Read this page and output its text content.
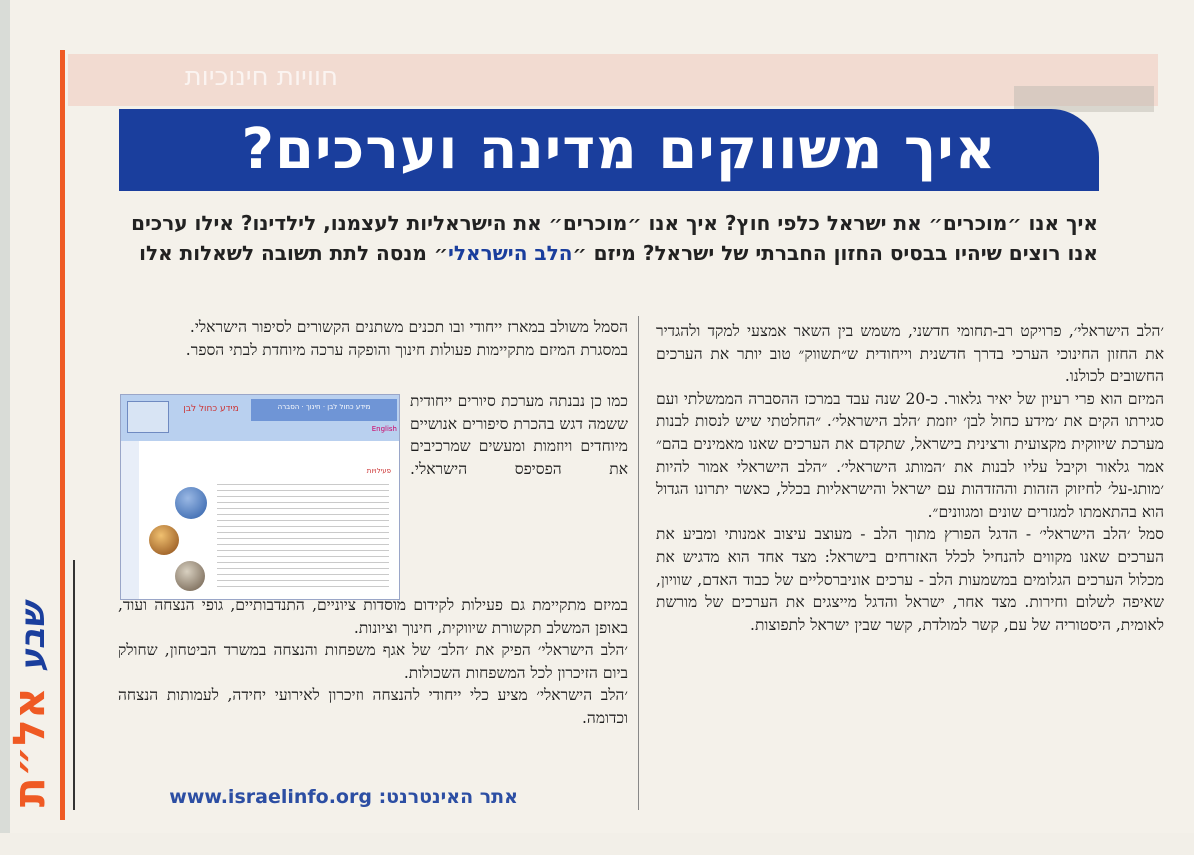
חוויות חינוכיות
איך משווקים מדינה וערכים?
איך אנו ״מוכרים״ את ישראל כלפי חוץ? איך אנו ״מוכרים״ את הישראליות לעצמנו, לילדינו? אילו ערכים אנו רוצים שיהיו בבסיס החזון החברתי של ישראל? מיזם ״הלב הישראלי״ מנסה לתת תשובה לשאלות אלו

׳הלב הישראלי׳, פרויקט רב-תחומי חדשני, משמש בין השאר אמצעי למקד ולהגדיר את החזון החינוכי הערכי בדרך חדשנית וייחודית ש״תשווק״ טוב יותר את הערכים החשובים לכולנו.

המיזם הוא פרי רעיון של יאיר גלאור. כ-20 שנה עבד במרכז ההסברה הממשלתי ועם סגירתו הקים את ׳מידע כחול לבן׳ יוזמת ׳הלב הישראלי׳. ״החלטתי שיש לנסות לבנות מערכת שיווקית מקצועית ורצינית בישראל, שתקדם את הערכים שאנו מאמינים בהם״ אמר גלאור וקיבל עליו לבנות את ׳המותג הישראלי׳. ״הלב הישראלי אמור להיות ׳מותג-על׳ לחיזוק הזהות וההזדהות עם ישראל והישראליות בכלל, כאשר יתרונו הגדול הוא בהתאמתו למגזרים שונים ומגוונים״.

סמל ׳הלב הישראלי׳ - הדגל הפורץ מתוך הלב - מעוצב עיצוב אמנותי ומביע את הערכים שאנו מקווים להנחיל לכלל האזרחים בישראל: מצד אחד הוא מדגיש את מכלול הערכים הגלומים במשמעות הלב - ערכים אוניברסליים של כבוד האדם, שוויון, שאיפה לשלום וחירות. מצד אחר, ישראל והדגל מייצגים את הערכים של מורשת לאומית, היסטוריה של עם, קשר למולדת, קשר שבין ישראל לתפוצות.

הסמל משולב במארז ייחודי ובו תכנים משתנים הקשורים לסיפור הישראלי.

במסגרת המיזם מתקיימות פעולות חינוך והופקה ערכה מיוחדת לבתי הספר.

מידע כחול לבן	מידע כחול לבן · חינוך · הסברה
English
פעילויות

כמו כן נבנתה מערכת סיורים ייחודית ששמה דגש בהכרת סיפורים אנושיים מיוחדים ויוזמות ומעשים שמרכיבים את הפסיפס הישראלי.

במיזם מתקיימת גם פעילות לקידום מוסדות ציוניים, התנדבותיים, גופי הנצחה ועוד, באופן המשלב תקשורת שיווקית, חינוך וציונות.

׳הלב הישראלי׳ הפיק את ׳הלב׳ של אגף משפחות והנצחה במשרד הביטחון, שחולק ביום הזיכרון לכל המשפחות השכולות.

׳הלב הישראלי׳ מציע כלי ייחודי להנצחה וזיכרון לאירועי יחידה, לעמותות הנצחה וכדומה.

אתר האינטרנט: www.israelinfo.org
שבע אל״ת
